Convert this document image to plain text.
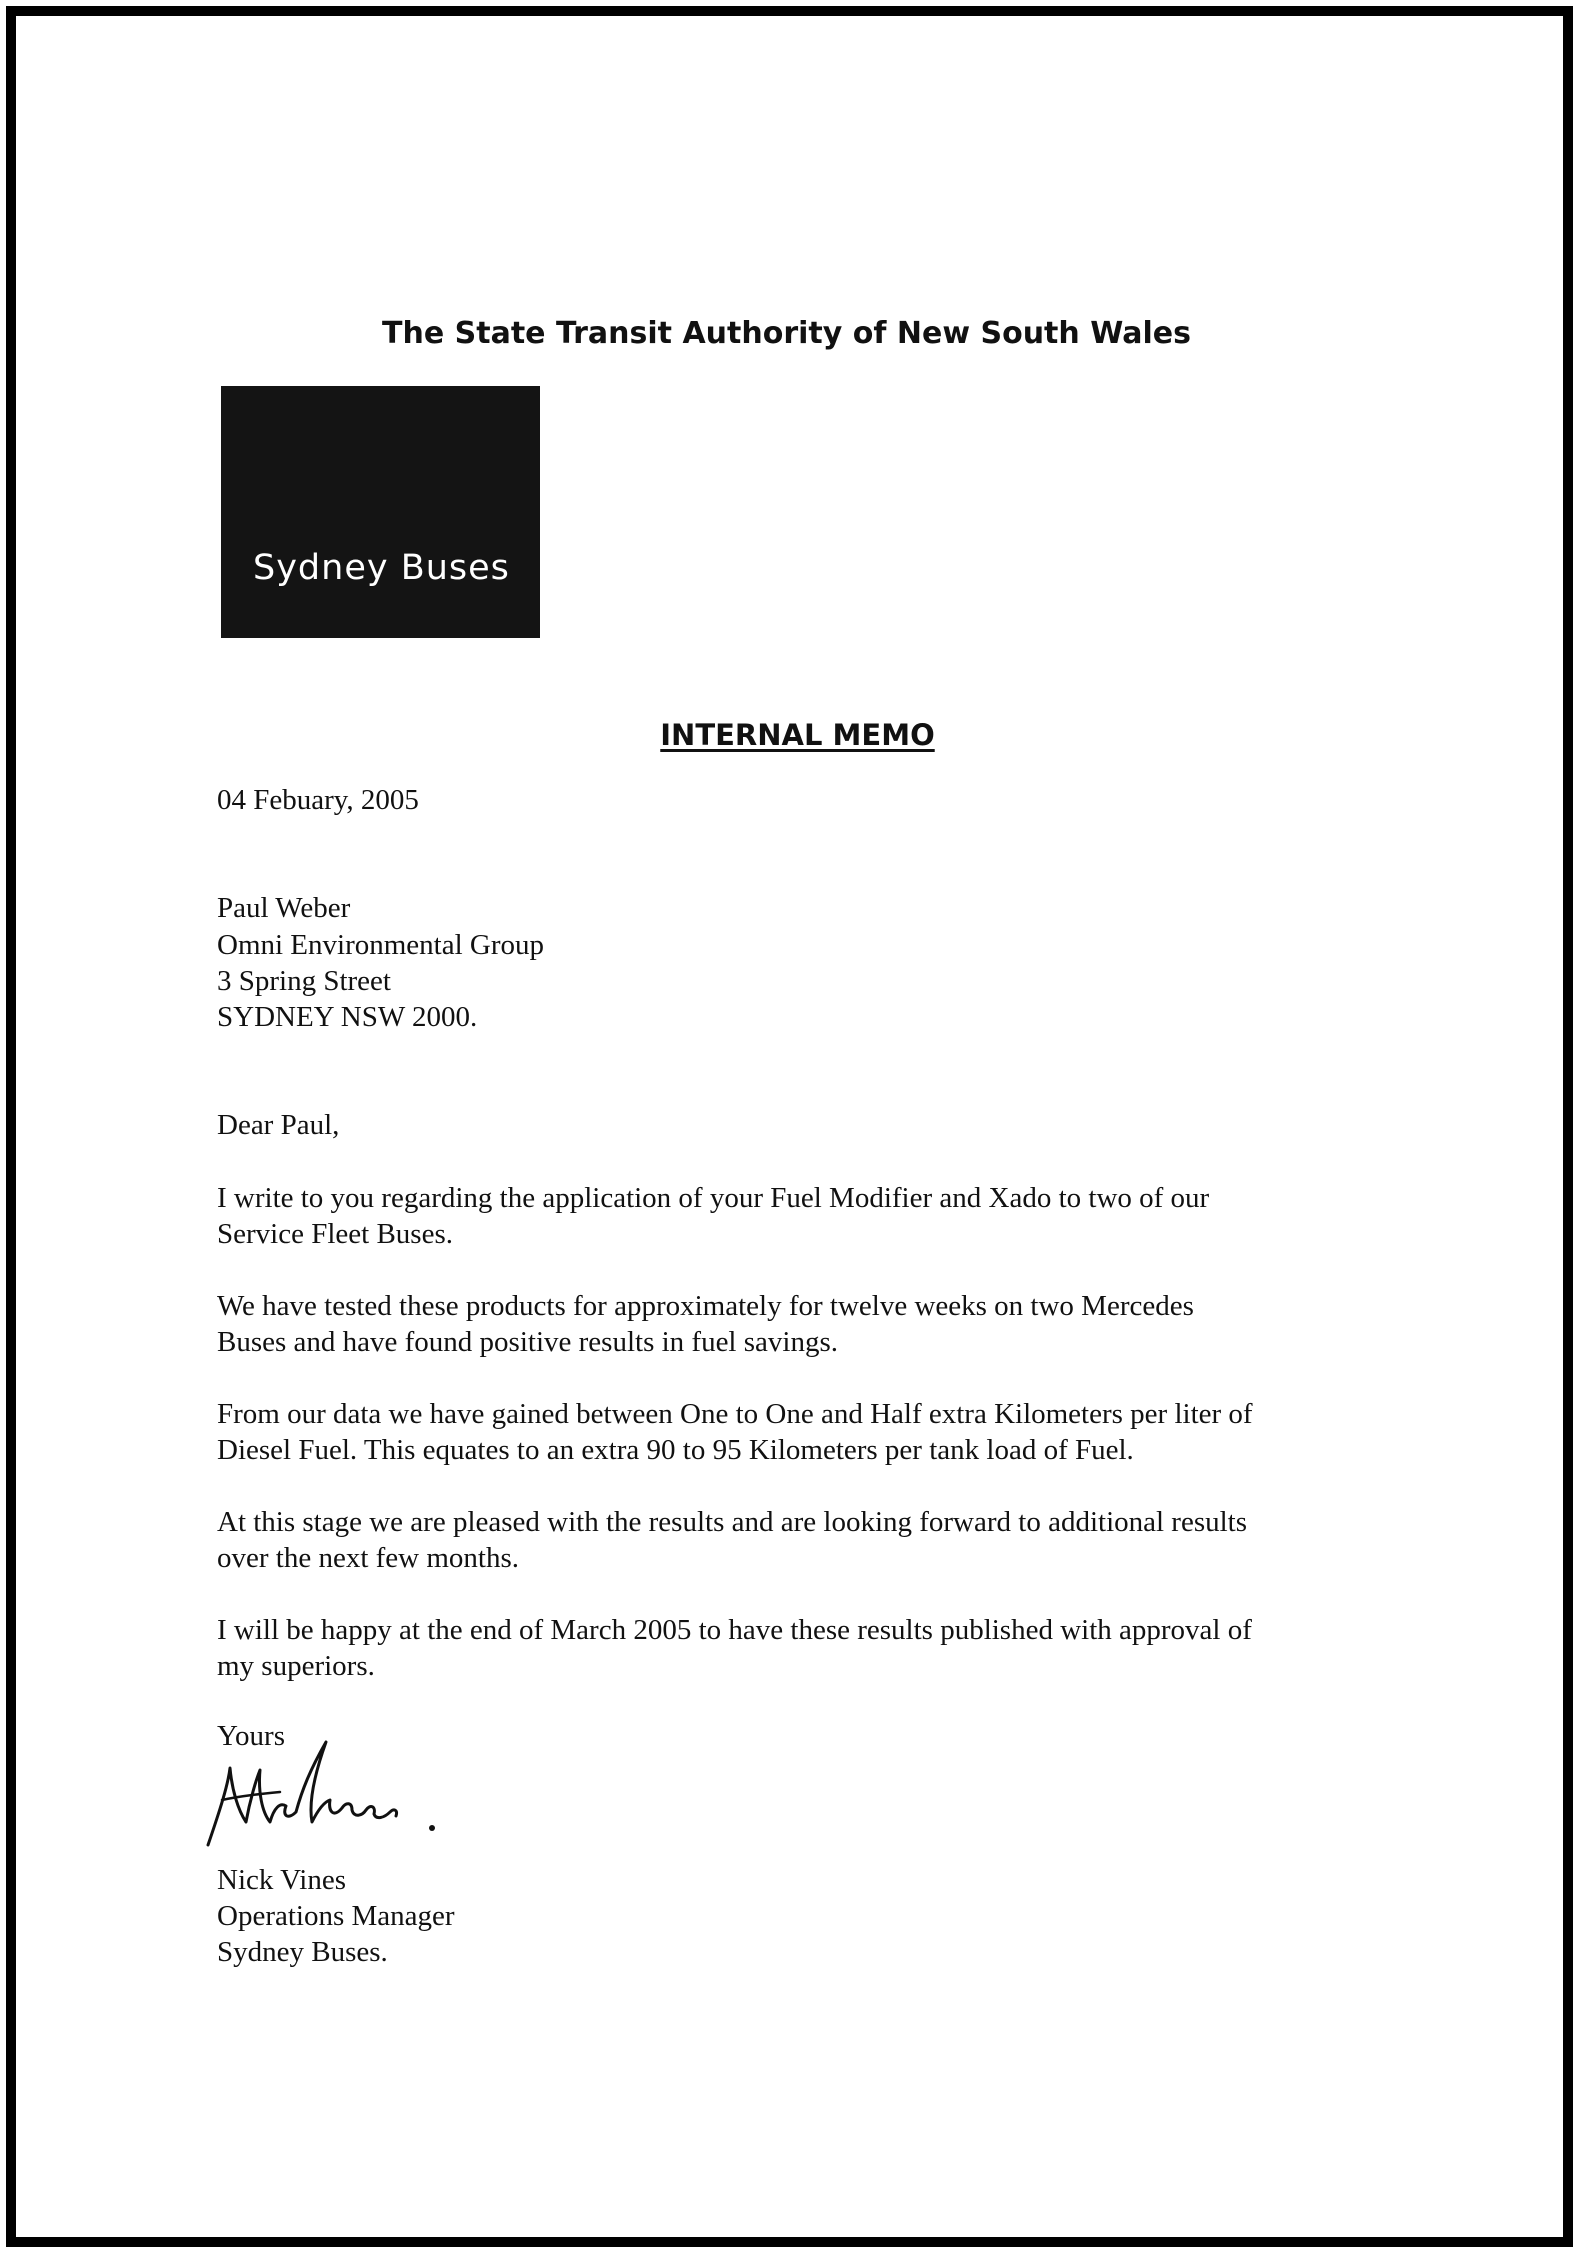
The State Transit Authority of New South Wales
Sydney Buses
INTERNAL MEMO
04 Febuary, 2005
Paul Weber
Omni Environmental Group
3 Spring Street
SYDNEY NSW 2000.
Dear Paul,
I write to you regarding the application of your Fuel Modifier and Xado to two of our
Service Fleet Buses.
We have tested these products for approximately for twelve weeks on two Mercedes
Buses and have found positive results in fuel savings.
From our data we have gained between One to One and Half extra Kilometers per liter of
Diesel Fuel. This equates to an extra 90 to 95 Kilometers per tank load of Fuel.
At this stage we are pleased with the results and are looking forward to additional results
over the next few months.
I will be happy at the end of March 2005 to have these results published with approval of
my superiors.
Yours
Nick Vines
Operations Manager
Sydney Buses.
